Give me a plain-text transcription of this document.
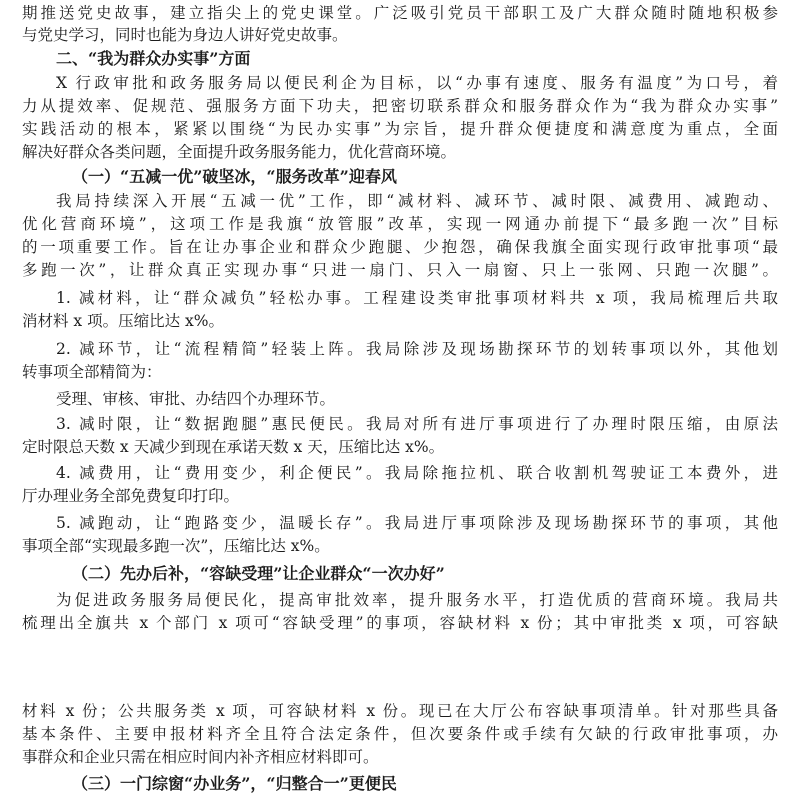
期推送党史故事，建立指尖上的党史课堂。广泛吸引党员干部职工及广大群众随时随地积极参
与党史学习，同时也能为身边人讲好党史故事。
二、“我为群众办实事”方面
X 行政审批和政务服务局以便民利企为目标，以“办事有速度、服务有温度”为口号，着
力从提效率、促规范、强服务方面下功夫，把密切联系群众和服务群众作为“我为群众办实事”
实践活动的根本，紧紧以围绕“为民办实事”为宗旨，提升群众便捷度和满意度为重点，全面
解决好群众各类问题，全面提升政务服务能力，优化营商环境。
（一）“五减一优”破坚冰，“服务改革”迎春风
我局持续深入开展“五减一优”工作，即“减材料、减环节、减时限、减费用、减跑动、
优化营商环境”，这项工作是我旗“放管服”改革，实现一网通办前提下“最多跑一次”目标
的一项重要工作。旨在让办事企业和群众少跑腿、少抱怨，确保我旗全面实现行政审批事项“最
多跑一次”，让群众真正实现办事“只进一扇门、只入一扇窗、只上一张网、只跑一次腿”。
1. 减材料，让“群众减负”轻松办事。工程建设类审批事项材料共 x 项，我局梳理后共取
消材料 x 项。压缩比达 x%。
2. 减环节，让“流程精简”轻装上阵。我局除涉及现场勘探环节的划转事项以外，其他划
转事项全部精简为：
受理、审核、审批、办结四个办理环节。
3. 减时限，让“数据跑腿”惠民便民。我局对所有进厅事项进行了办理时限压缩，由原法
定时限总天数 x 天减少到现在承诺天数 x 天，压缩比达 x%。
4. 减费用，让“费用变少，利企便民”。我局除拖拉机、联合收割机驾驶证工本费外，进
厅办理业务全部免费复印打印。
5. 减跑动，让“跑路变少，温暖长存”。我局进厅事项除涉及现场勘探环节的事项，其他
事项全部“实现最多跑一次”，压缩比达 x%。
（二）先办后补，“容缺受理”让企业群众“一次办好”
为促进政务服务局便民化，提高审批效率，提升服务水平，打造优质的营商环境。我局共
梳理出全旗共 x 个部门 x 项可“容缺受理”的事项，容缺材料 x 份；其中审批类 x 项，可容缺
材料 x 份；公共服务类 x 项，可容缺材料 x 份。现已在大厅公布容缺事项清单。针对那些具备
基本条件、主要申报材料齐全且符合法定条件，但次要条件或手续有欠缺的行政审批事项，办
事群众和企业只需在相应时间内补齐相应材料即可。
（三）一门综窗“办业务”，“归整合一”更便民
